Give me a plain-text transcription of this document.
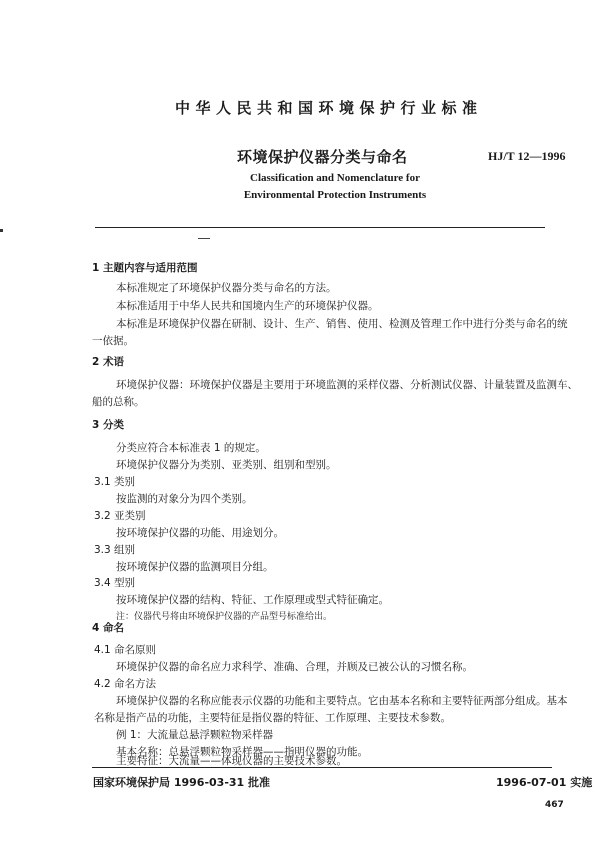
中华人民共和国环境保护行业标准
环境保护仪器分类与命名	HJ/T 12—1996
Classification and Nomenclature for
Environmental Protection Instruments
1 主题内容与适用范围
本标准规定了环境保护仪器分类与命名的方法。
本标准适用于中华人民共和国境内生产的环境保护仪器。
本标准是环境保护仪器在研制、设计、生产、销售、使用、检测及管理工作中进行分类与命名的统
一依据。
2 术语
环境保护仪器：环境保护仪器是主要用于环境监测的采样仪器、分析测试仪器、计量装置及监测车、
船的总称。
3 分类
分类应符合本标准表 1 的规定。
环境保护仪器分为类别、亚类别、组别和型别。
3.1 类别
按监测的对象分为四个类别。
3.2 亚类别
按环境保护仪器的功能、用途划分。
3.3 组别
按环境保护仪器的监测项目分组。
3.4 型别
按环境保护仪器的结构、特征、工作原理或型式特征确定。
注：仪器代号将由环境保护仪器的产品型号标准给出。
4 命名
4.1 命名原则
环境保护仪器的命名应力求科学、准确、合理，并顾及已被公认的习惯名称。
4.2 命名方法
环境保护仪器的名称应能表示仪器的功能和主要特点。它由基本名称和主要特征两部分组成。基本
名称是指产品的功能，主要特征是指仪器的特征、工作原理、主要技术参数。
例 1：大流量总悬浮颗粒物采样器
基本名称：总悬浮颗粒物采样器——指明仪器的功能。
主要特征：大流量——体现仪器的主要技术参数。
国家环境保护局 1996-03-31 批准	1996-07-01 实施
467
